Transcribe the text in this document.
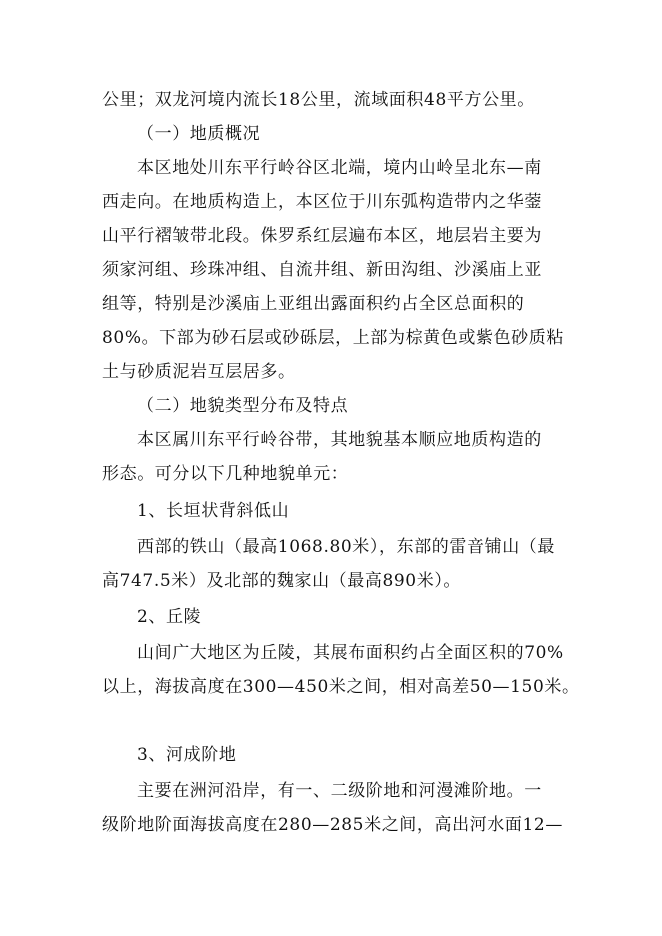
公里；双龙河境内流长18公里，流域面积48平方公里。
（一）地质概况
本区地处川东平行岭谷区北端，境内山岭呈北东—南
西走向。在地质构造上，本区位于川东弧构造带内之华蓥
山平行褶皱带北段。侏罗系红层遍布本区，地层岩主要为
须家河组、珍珠冲组、自流井组、新田沟组、沙溪庙上亚
组等，特别是沙溪庙上亚组出露面积约占全区总面积的
80%。下部为砂石层或砂砾层，上部为棕黄色或紫色砂质粘
土与砂质泥岩互层居多。
（二）地貌类型分布及特点
本区属川东平行岭谷带，其地貌基本顺应地质构造的
形态。可分以下几种地貌单元：
1、长垣状背斜低山
西部的铁山（最高1068.80米），东部的雷音铺山（最
高747.5米）及北部的魏家山（最高890米）。
2、丘陵
山间广大地区为丘陵，其展布面积约占全面区积的70%
以上，海拔高度在300—450米之间，相对高差50—150米。
3、河成阶地
主要在洲河沿岸，有一、二级阶地和河漫滩阶地。一
级阶地阶面海拔高度在280—285米之间，高出河水面12—
